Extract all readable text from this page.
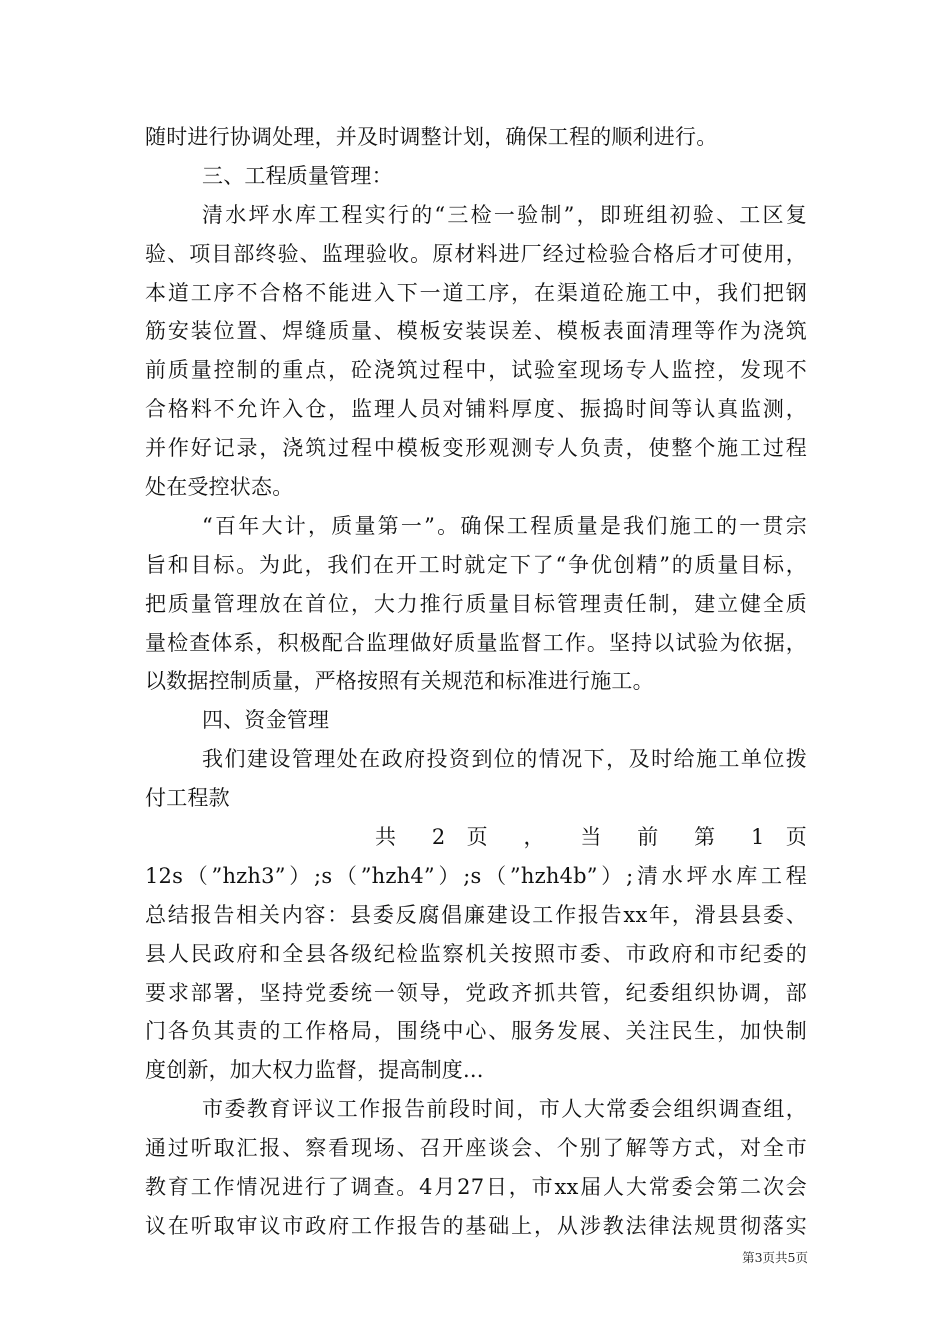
随时进行协调处理，并及时调整计划，确保工程的顺利进行。
三、工程质量管理：
清水坪水库工程实行的“三检一验制”，即班组初验、工区复
验、项目部终验、监理验收。原材料进厂经过检验合格后才可使用，
本道工序不合格不能进入下一道工序，在渠道砼施工中，我们把钢
筋安装位置、焊缝质量、模板安装误差、模板表面清理等作为浇筑
前质量控制的重点，砼浇筑过程中，试验室现场专人监控，发现不
合格料不允许入仓，监理人员对铺料厚度、振捣时间等认真监测，
并作好记录，浇筑过程中模板变形观测专人负责，使整个施工过程
处在受控状态。
“百年大计，质量第一”。确保工程质量是我们施工的一贯宗
旨和目标。为此，我们在开工时就定下了“争优创精”的质量目标，
把质量管理放在首位，大力推行质量目标管理责任制，建立健全质
量检查体系，积极配合监理做好质量监督工作。坚持以试验为依据，
以数据控制质量，严格按照有关规范和标准进行施工。
四、资金管理
我们建设管理处在政府投资到位的情况下，及时给施工单位拨
付工程款
共 2 页 ， 当 前 第 1 页
12s（”hzh3”）;s（”hzh4”）;s（”hzh4b”）;清水坪水库工程
总结报告相关内容：县委反腐倡廉建设工作报告xx年，滑县县委、
县人民政府和全县各级纪检监察机关按照市委、市政府和市纪委的
要求部署，坚持党委统一领导，党政齐抓共管，纪委组织协调，部
门各负其责的工作格局，围绕中心、服务发展、关注民生，加快制
度创新，加大权力监督，提高制度...
市委教育评议工作报告前段时间，市人大常委会组织调查组，
通过听取汇报、察看现场、召开座谈会、个别了解等方式，对全市
教育工作情况进行了调查。4月27日，市xx届人大常委会第二次会
议在听取审议市政府工作报告的基础上，从涉教法律法规贯彻落实
第3页共5页
